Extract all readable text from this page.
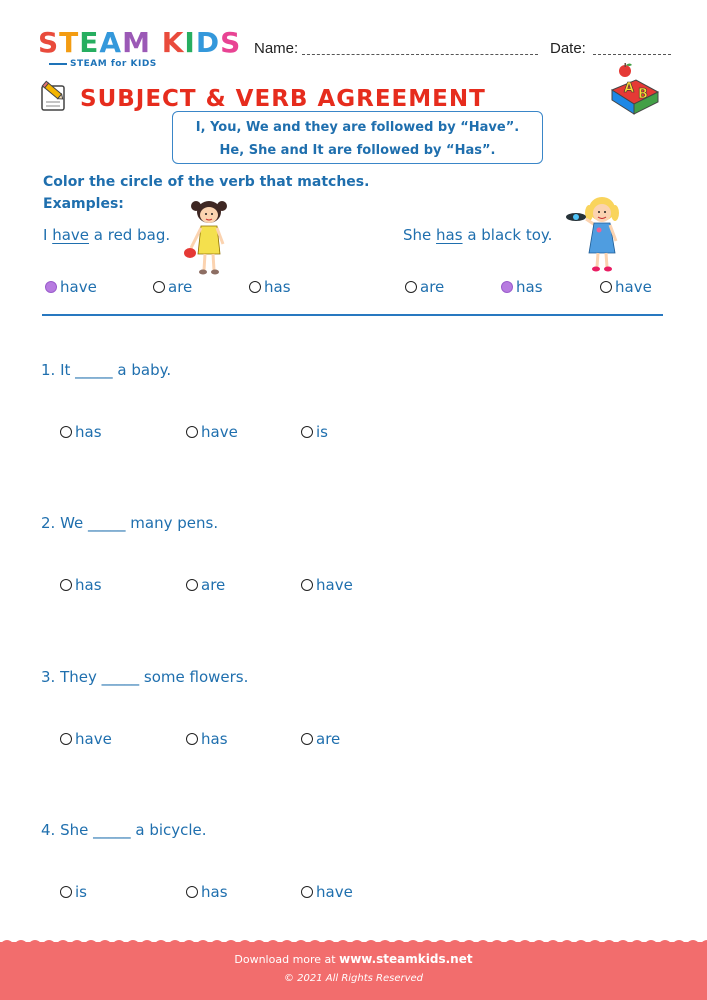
STEAM KIDS
STEAM for KIDS
Name:	Date:
SUBJECT & VERB AGREEMENT	A B
I, You, We and they are followed by “Have”.
He, She and It are followed by “Has”.
Color the circle of the verb that matches.
Examples:
I have a red bag.
have	are	has
She has a black toy.
are	has	have
1. It _____ a baby.
has	have	is
2. We _____ many pens.
has	are	have
3. They _____ some flowers.
have	has	are
4. She _____ a bicycle.
is	has	have
Download more at www.steamkids.net
© 2021 All Rights Reserved
